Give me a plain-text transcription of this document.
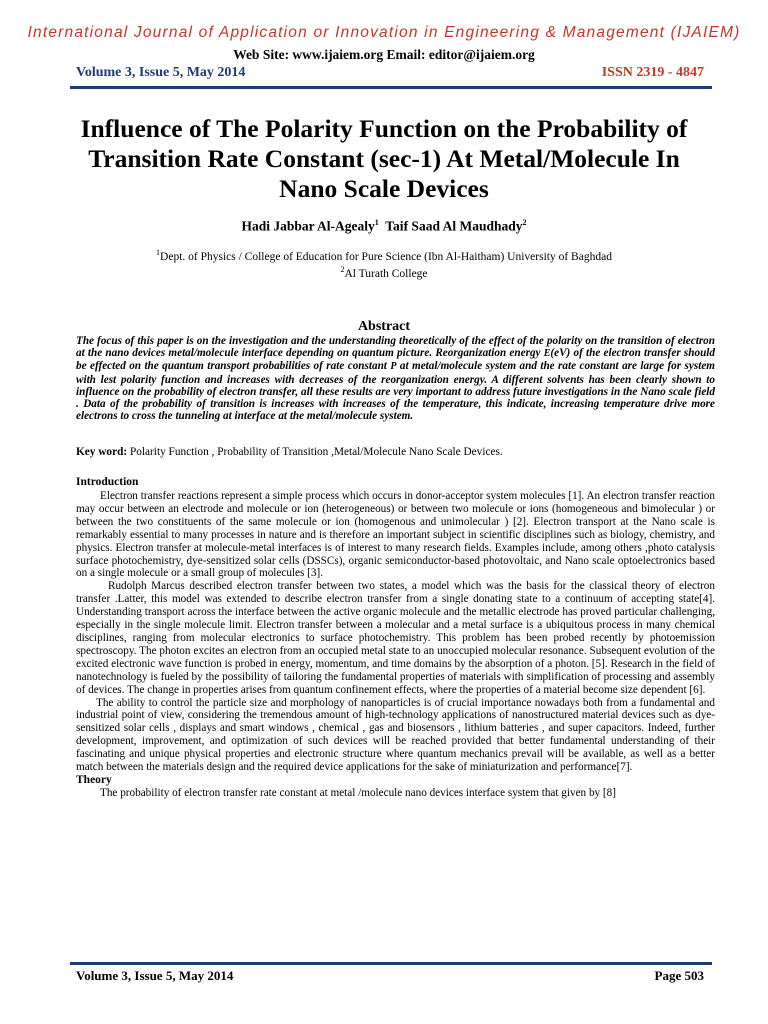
International Journal of Application or Innovation in Engineering & Management (IJAIEM)
Web Site: www.ijaiem.org Email: editor@ijaiem.org
Volume 3, Issue 5, May 2014	ISSN 2319 - 4847
Influence of The Polarity Function on the Probability of Transition Rate Constant (sec-1) At Metal/Molecule In Nano Scale Devices
Hadi Jabbar Al-Agealy$^1$ Taif Saad Al Maudhady$^2$
$^1$Dept. of Physics / College of Education for Pure Science (Ibn Al-Haitham) University of Baghdad
$^2$Al Turath College
Abstract
The focus of this paper is on the investigation and the understanding theoretically of the effect of the polarity on the transition of electron at the nano devices metal/molecule interface depending on quantum picture. Reorganization energy E(eV) of the electron transfer should be effected on the quantum transport probabilities of rate constant P at metal/molecule system and the rate constant are large for system with lest polarity function and increases with decreases of the reorganization energy. A different solvents has been clearly shown to influence on the probability of electron transfer, all these results are very important to address future investigations in the Nano scale field . Data of the probability of transition is increases with increases of the temperature, this indicate, increasing temperature drive more electrons to cross the tunneling at interface at the metal/molecule system.
Key word: Polarity Function , Probability of Transition ,Metal/Molecule Nano Scale Devices.
Introduction

Electron transfer reactions represent a simple process which occurs in donor-acceptor system molecules [1]. An electron transfer reaction may occur between an electrode and molecule or ion (heterogeneous) or between two molecule or ions (homogeneous and bimolecular ) or between the two constituents of the same molecule or ion (homogenous and unimolecular ) [2]. Electron transport at the Nano scale is remarkably essential to many processes in nature and is therefore an important subject in scientific disciplines such as biology, chemistry, and physics. Electron transfer at molecule-metal interfaces is of interest to many research fields. Examples include, among others ,photo catalysis surface photochemistry, dye-sensitized solar cells (DSSCs), organic semiconductor-based photovoltaic, and Nano scale optoelectronics based on a single molecule or a small group of molecules [3].

Rudolph Marcus described electron transfer between two states, a model which was the basis for the classical theory of electron transfer .Latter, this model was extended to describe electron transfer from a single donating state to a continuum of accepting state[4]. Understanding transport across the interface between the active organic molecule and the metallic electrode has proved particular challenging, especially in the single molecule limit. Electron transfer between a molecular and a metal surface is a ubiquitous process in many chemical disciplines, ranging from molecular electronics to surface photochemistry. This problem has been probed recently by photoemission spectroscopy. The photon excites an electron from an occupied metal state to an unoccupied molecular resonance. Subsequent evolution of the excited electronic wave function is probed in energy, momentum, and time domains by the absorption of a photon. [5]. Research in the field of nanotechnology is fueled by the possibility of tailoring the fundamental properties of materials with simplification of processing and assembly of devices. The change in properties arises from quantum confinement effects, where the properties of a material become size dependent [6].

The ability to control the particle size and morphology of nanoparticles is of crucial importance nowadays both from a fundamental and industrial point of view, considering the tremendous amount of high-technology applications of nanostructured material devices such as dye-sensitized solar cells , displays and smart windows , chemical , gas and biosensors , lithium batteries , and super capacitors. Indeed, further development, improvement, and optimization of such devices will be reached provided that better fundamental understanding of their fascinating and unique physical properties and electronic structure where quantum mechanics prevail will be available, as well as a better match between the materials design and the required device applications for the sake of miniaturization and performance[7].

Theory

The probability of electron transfer rate constant at metal /molecule nano devices interface system that given by [8]

Volume 3, Issue 5, May 2014	Page 503
